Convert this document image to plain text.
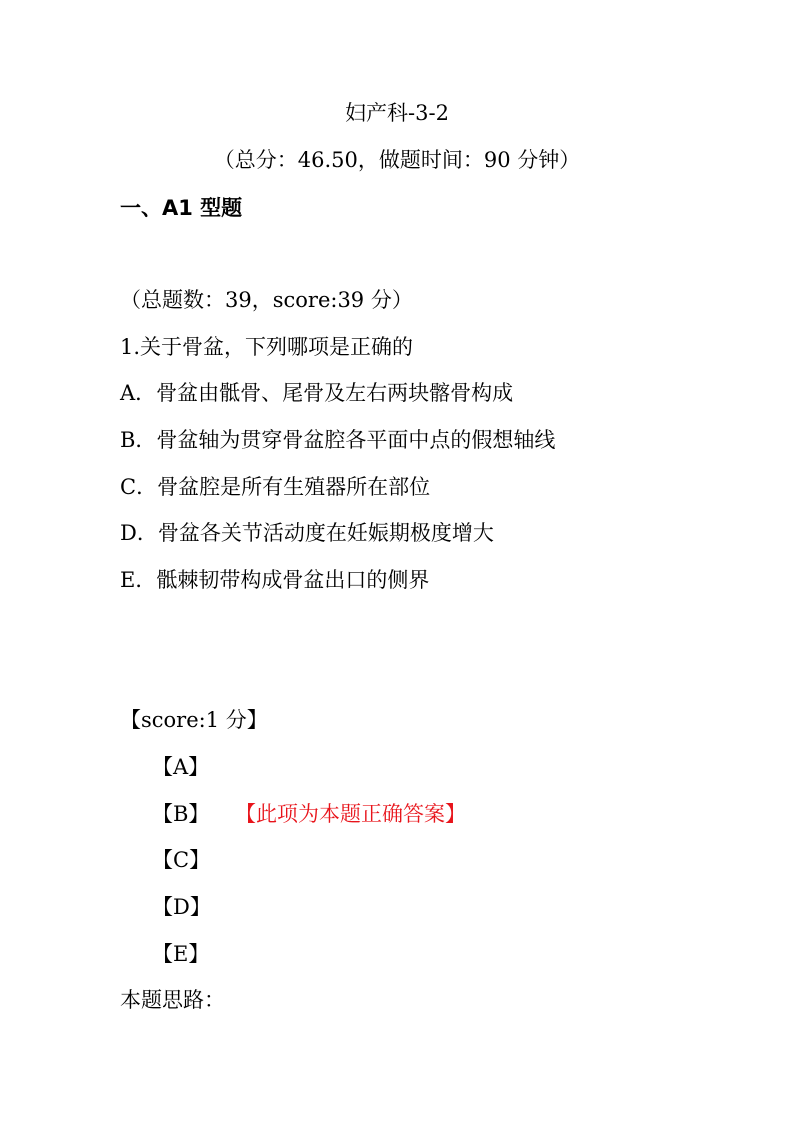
妇产科-3-2
（总分：46.50，做题时间：90 分钟）
一、A1 型题
（总题数：39，score:39 分）
1.关于骨盆，下列哪项是正确的
A．骨盆由骶骨、尾骨及左右两块髂骨构成
B．骨盆轴为贯穿骨盆腔各平面中点的假想轴线
C．骨盆腔是所有生殖器所在部位
D．骨盆各关节活动度在妊娠期极度增大
E．骶棘韧带构成骨盆出口的侧界
【score:1 分】
【A】
【B】 【此项为本题正确答案】
【C】
【D】
【E】
本题思路：
